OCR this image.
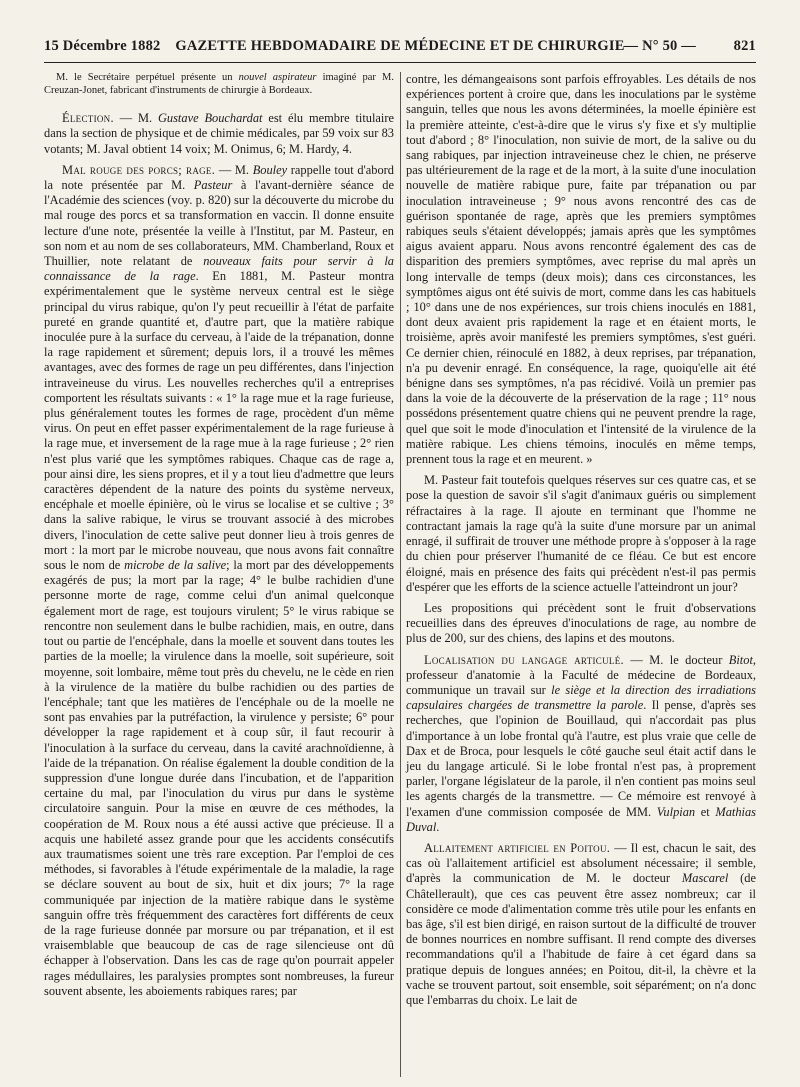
15 Décembre 1882	GAZETTE HEBDOMADAIRE DE MÉDECINE ET DE CHIRURGIE
— N° 50 —	821

M. le Secrétaire perpétuel présente un nouvel aspirateur imaginé par M. Creuzan-Jonet, fabricant d'instruments de chirurgie à Bordeaux.

Élection. — M. Gustave Bouchardat est élu membre titulaire dans la section de physique et de chimie médicales, par 59 voix sur 83 votants; M. Javal obtient 14 voix; M. Onimus, 6; M. Hardy, 4.

Mal rouge des porcs; rage. — M. Bouley rappelle tout d'abord la note présentée par M. Pasteur à l'avant-dernière séance de l'Académie des sciences (voy. p. 820) sur la découverte du microbe du mal rouge des porcs et sa transformation en vaccin. Il donne ensuite lecture d'une note, présentée la veille à l'Institut, par M. Pasteur, en son nom et au nom de ses collaborateurs, MM. Chamberland, Roux et Thuillier, note relatant de nouveaux faits pour servir à la connaissance de la rage. En 1881, M. Pasteur montra expérimentalement que le système nerveux central est le siège principal du virus rabique, qu'on l'y peut recueillir à l'état de parfaite pureté en grande quantité et, d'autre part, que la matière rabique inoculée pure à la surface du cerveau, à l'aide de la trépanation, donne la rage rapidement et sûrement; depuis lors, il a trouvé les mêmes avantages, avec des formes de rage un peu différentes, dans l'injection intraveineuse du virus. Les nouvelles recherches qu'il a entreprises comportent les résultats suivants : « 1° la rage mue et la rage furieuse, plus généralement toutes les formes de rage, procèdent d'un même virus. On peut en effet passer expérimentalement de la rage furieuse à la rage mue, et inversement de la rage mue à la rage furieuse ; 2° rien n'est plus varié que les symptômes rabiques. Chaque cas de rage a, pour ainsi dire, les siens propres, et il y a tout lieu d'admettre que leurs caractères dépendent de la nature des points du système nerveux, encéphale et moelle épinière, où le virus se localise et se cultive ; 3° dans la salive rabique, le virus se trouvant associé à des microbes divers, l'inoculation de cette salive peut donner lieu à trois genres de mort : la mort par le microbe nouveau, que nous avons fait connaître sous le nom de microbe de la salive; la mort par des développements exagérés de pus; la mort par la rage; 4° le bulbe rachidien d'une personne morte de rage, comme celui d'un animal quelconque également mort de rage, est toujours virulent; 5° le virus rabique se rencontre non seulement dans le bulbe rachidien, mais, en outre, dans tout ou partie de l'encéphale, dans la moelle et souvent dans toutes les parties de la moelle; la virulence dans la moelle, soit supérieure, soit moyenne, soit lombaire, même tout près du chevelu, ne le cède en rien à la virulence de la matière du bulbe rachidien ou des parties de l'encéphale; tant que les matières de l'encéphale ou de la moelle ne sont pas envahies par la putréfaction, la virulence y persiste; 6° pour développer la rage rapidement et à coup sûr, il faut recourir à l'inoculation à la surface du cerveau, dans la cavité arachnoïdienne, à l'aide de la trépanation. On réalise également la double condition de la suppression d'une longue durée dans l'incubation, et de l'apparition certaine du mal, par l'inoculation du virus pur dans le système circulatoire sanguin. Pour la mise en œuvre de ces méthodes, la coopération de M. Roux nous a été aussi active que précieuse. Il a acquis une habileté assez grande pour que les accidents consécutifs aux traumatismes soient une très rare exception. Par l'emploi de ces méthodes, si favorables à l'étude expérimentale de la maladie, la rage se déclare souvent au bout de six, huit et dix jours; 7° la rage communiquée par injection de la matière rabique dans le système sanguin offre très fréquemment des caractères fort différents de ceux de la rage furieuse donnée par morsure ou par trépanation, et il est vraisemblable que beaucoup de cas de rage silencieuse ont dû échapper à l'observation. Dans les cas de rage qu'on pourrait appeler rages médullaires, les paralysies promptes sont nombreuses, la fureur souvent absente, les aboiements rabiques rares; par

contre, les démangeaisons sont parfois effroyables. Les détails de nos expériences portent à croire que, dans les inoculations par le système sanguin, telles que nous les avons déterminées, la moelle épinière est la première atteinte, c'est-à-dire que le virus s'y fixe et s'y multiplie tout d'abord ; 8° l'inoculation, non suivie de mort, de la salive ou du sang rabiques, par injection intraveineuse chez le chien, ne préserve pas ultérieurement de la rage et de la mort, à la suite d'une inoculation nouvelle de matière rabique pure, faite par trépanation ou par inoculation intraveineuse ; 9° nous avons rencontré des cas de guérison spontanée de rage, après que les premiers symptômes rabiques seuls s'étaient développés; jamais après que les symptômes aigus avaient apparu. Nous avons rencontré également des cas de disparition des premiers symptômes, avec reprise du mal après un long intervalle de temps (deux mois); dans ces circonstances, les symptômes aigus ont été suivis de mort, comme dans les cas habituels ; 10° dans une de nos expériences, sur trois chiens inoculés en 1881, dont deux avaient pris rapidement la rage et en étaient morts, le troisième, après avoir manifesté les premiers symptômes, s'est guéri. Ce dernier chien, réinoculé en 1882, à deux reprises, par trépanation, n'a pu devenir enragé. En conséquence, la rage, quoiqu'elle ait été bénigne dans ses symptômes, n'a pas récidivé. Voilà un premier pas dans la voie de la découverte de la préservation de la rage ; 11° nous possédons présentement quatre chiens qui ne peuvent prendre la rage, quel que soit le mode d'inoculation et l'intensité de la virulence de la matière rabique. Les chiens témoins, inoculés en même temps, prennent tous la rage et en meurent. »

M. Pasteur fait toutefois quelques réserves sur ces quatre cas, et se pose la question de savoir s'il s'agit d'animaux guéris ou simplement réfractaires à la rage. Il ajoute en terminant que l'homme ne contractant jamais la rage qu'à la suite d'une morsure par un animal enragé, il suffirait de trouver une méthode propre à s'opposer à la rage du chien pour préserver l'humanité de ce fléau. Ce but est encore éloigné, mais en présence des faits qui précèdent n'est-il pas permis d'espérer que les efforts de la science actuelle l'atteindront un jour?

Les propositions qui précèdent sont le fruit d'observations recueillies dans des épreuves d'inoculations de rage, au nombre de plus de 200, sur des chiens, des lapins et des moutons.

Localisation du langage articulé. — M. le docteur Bitot, professeur d'anatomie à la Faculté de médecine de Bordeaux, communique un travail sur le siège et la direction des irradiations capsulaires chargées de transmettre la parole. Il pense, d'après ses recherches, que l'opinion de Bouillaud, qui n'accordait pas plus d'importance à un lobe frontal qu'à l'autre, est plus vraie que celle de Dax et de Broca, pour lesquels le côté gauche seul était actif dans le jeu du langage articulé. Si le lobe frontal n'est pas, à proprement parler, l'organe législateur de la parole, il n'en contient pas moins seul les agents chargés de la transmettre. — Ce mémoire est renvoyé à l'examen d'une commission composée de MM. Vulpian et Mathias Duval.

Allaitement artificiel en Poitou. — Il est, chacun le sait, des cas où l'allaitement artificiel est absolument nécessaire; il semble, d'après la communication de M. le docteur Mascarel (de Châtellerault), que ces cas peuvent être assez nombreux; car il considère ce mode d'alimentation comme très utile pour les enfants en bas âge, s'il est bien dirigé, en raison surtout de la difficulté de trouver de bonnes nourrices en nombre suffisant. Il rend compte des diverses recommandations qu'il a l'habitude de faire à cet égard dans sa pratique depuis de longues années; en Poitou, dit-il, la chèvre et la vache se trouvent partout, soit ensemble, soit séparément; on n'a donc que l'embarras du choix. Le lait de
